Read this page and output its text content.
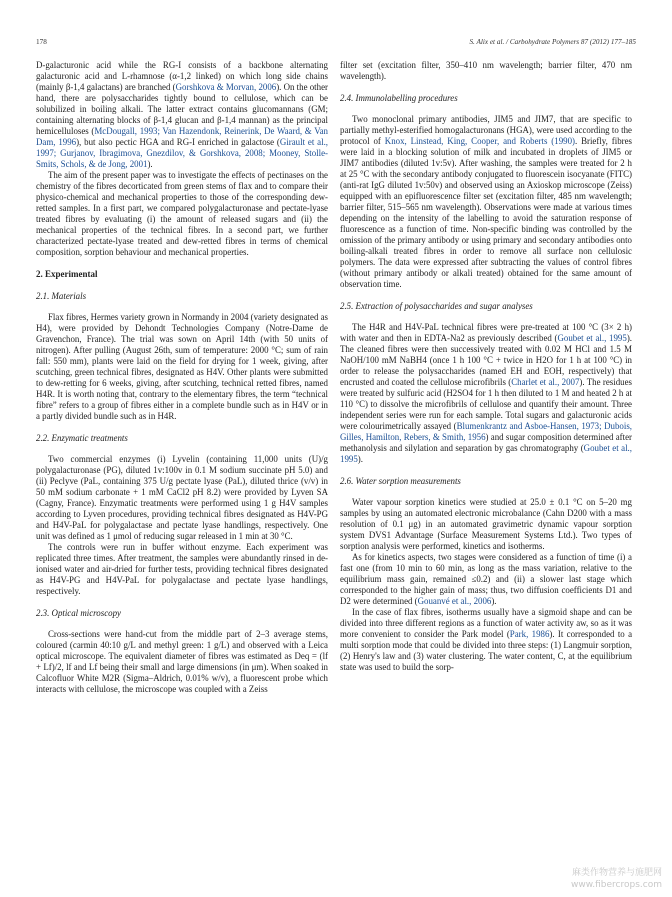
178	S. Alix et al. / Carbohydrate Polymers 87 (2012) 177–185

D-galacturonic acid while the RG-I consists of a backbone alternating galacturonic acid and L-rhamnose (α-1,2 linked) on which long side chains (mainly β-1,4 galactans) are branched (Gorshkova & Morvan, 2006). On the other hand, there are polysaccharides tightly bound to cellulose, which can be solubilized in boiling alkali. The latter extract contains glucomannans (GM; containing alternating blocks of β-1,4 glucan and β-1,4 mannan) as the principal hemicelluloses (McDougall, 1993; Van Hazendonk, Reinerink, De Waard, & Van Dam, 1996), but also pectic HGA and RG-I enriched in galactose (Girault et al., 1997; Gurjanov, Ibragimova, Gnezdilov, & Gorshkova, 2008; Mooney, Stolle-Smits, Schols, & de Jong, 2001).

The aim of the present paper was to investigate the effects of pectinases on the chemistry of the fibres decorticated from green stems of flax and to compare their physico-chemical and mechanical properties to those of the corresponding dew-retted samples. In a first part, we compared polygalacturonase and pectate-lyase treated fibres by evaluating (i) the amount of released sugars and (ii) the mechanical properties of the technical fibres. In a second part, we further characterized pectate-lyase treated and dew-retted fibres in terms of chemical composition, sorption behaviour and mechanical properties.

2. Experimental
2.1. Materials

Flax fibres, Hermes variety grown in Normandy in 2004 (variety designated as H4), were provided by Dehondt Technologies Company (Notre-Dame de Gravenchon, France). The trial was sown on April 14th (with 50 units of nitrogen). After pulling (August 26th, sum of temperature: 2000 °C; sum of rain fall: 550 mm), plants were laid on the field for drying for 1 week, giving, after scutching, green technical fibres, designated as H4V. Other plants were submitted to dew-retting for 6 weeks, giving, after scutching, technical retted fibres, named H4R. It is worth noting that, contrary to the elementary fibres, the term “technical fibre” refers to a group of fibres either in a complete bundle such as in H4V or in a partly divided bundle such as in H4R.

2.2. Enzymatic treatments

Two commercial enzymes (i) Lyvelin (containing 11,000 units (U)/g polygalacturonase (PG), diluted 1v:100v in 0.1 M sodium succinate pH 5.0) and (ii) Peclyve (PaL, containing 375 U/g pectate lyase (PaL), diluted thrice (v/v) in 50 mM sodium carbonate + 1 mM CaCl2 pH 8.2) were provided by Lyven SA (Cagny, France). Enzymatic treatments were performed using 1 g H4V samples according to Lyven procedures, providing technical fibres designated as H4V-PG and H4V-PaL for polygalactase and pectate lyase handlings, respectively. One unit was defined as 1 μmol of reducing sugar released in 1 min at 30 °C.

The controls were run in buffer without enzyme. Each experiment was replicated three times. After treatment, the samples were abundantly rinsed in de-ionised water and air-dried for further tests, providing technical fibres designated as H4V-PG and H4V-PaL for polygalactase and pectate lyase handlings, respectively.

2.3. Optical microscopy

Cross-sections were hand-cut from the middle part of 2–3 average stems, coloured (carmin 40:10 g/L and methyl green: 1 g/L) and observed with a Leica optical microscope. The equivalent diameter of fibres was estimated as Deq = (lf + Lf)/2, lf and Lf being their small and large dimensions (in μm). When soaked in Calcofluor White M2R (Sigma–Aldrich, 0.01% w/v), a fluorescent probe which interacts with cellulose, the microscope was coupled with a Zeiss

filter set (excitation filter, 350–410 nm wavelength; barrier filter, 470 nm wavelength).

2.4. Immunolabelling procedures

Two monoclonal primary antibodies, JIM5 and JIM7, that are specific to partially methyl-esterified homogalacturonans (HGA), were used according to the protocol of Knox, Linstead, King, Cooper, and Roberts (1990). Briefly, fibres were laid in a blocking solution of milk and incubated in droplets of JIM5 or JIM7 antibodies (diluted 1v:5v). After washing, the samples were treated for 2 h at 25 °C with the secondary antibody conjugated to fluorescein isocyanate (FITC) (anti-rat IgG diluted 1v:50v) and observed using an Axioskop microscope (Zeiss) equipped with an epifluorescence filter set (excitation filter, 485 nm wavelength; barrier filter, 515–565 nm wavelength). Observations were made at various times depending on the intensity of the labelling to avoid the saturation response of fluorescence as a function of time. Non-specific binding was controlled by the omission of the primary antibody or using primary and secondary antibodies onto boiling-alkali treated fibres in order to remove all surface non cellulosic polymers. The data were expressed after subtracting the values of control fibres (without primary antibody or alkali treated) obtained for the same amount of observation time.

2.5. Extraction of polysaccharides and sugar analyses

The H4R and H4V-PaL technical fibres were pre-treated at 100 °C (3× 2 h) with water and then in EDTA-Na2 as previously described (Goubet et al., 1995). The cleaned fibres were then successively treated with 0.02 M HCl and 1.5 M NaOH/100 mM NaBH4 (once 1 h 100 °C + twice in H2O for 1 h at 100 °C) in order to release the polysaccharides (named EH and EOH, respectively) that encrusted and coated the cellulose microfibrils (Charlet et al., 2007). The residues were treated by sulfuric acid (H2SO4 for 1 h then diluted to 1 M and heated 2 h at 110 °C) to dissolve the microfibrils of cellulose and quantify their amount. Three independent series were run for each sample. Total sugars and galacturonic acids were colourimetrically assayed (Blumenkrantz and Asboe-Hansen, 1973; Dubois, Gilles, Hamilton, Rebers, & Smith, 1956) and sugar composition determined after methanolysis and silylation and separation by gas chromatography (Goubet et al., 1995).

2.6. Water sorption measurements

Water vapour sorption kinetics were studied at 25.0 ± 0.1 °C on 5–20 mg samples by using an automated electronic microbalance (Cahn D200 with a mass resolution of 0.1 μg) in an automated gravimetric dynamic vapour sorption system DVS1 Advantage (Surface Measurement Systems Ltd.). Two types of sorption analysis were performed, kinetics and isotherms.

As for kinetics aspects, two stages were considered as a function of time (i) a fast one (from 10 min to 60 min, as long as the mass variation, relative to the equilibrium mass gain, remained ≤0.2) and (ii) a slower last stage which corresponded to the higher gain of mass; thus, two diffusion coefficients D1 and D2 were determined (Gouanvé et al., 2006).

In the case of flax fibres, isotherms usually have a sigmoid shape and can be divided into three different regions as a function of water activity aw, so as it was more convenient to consider the Park model (Park, 1986). It corresponded to a multi sorption mode that could be divided into three steps: (1) Langmuir sorption, (2) Henry's law and (3) water clustering. The water content, C, at the equilibrium state was used to build the sorp-

麻类作物营养与施肥网
www.fibercrops.com
